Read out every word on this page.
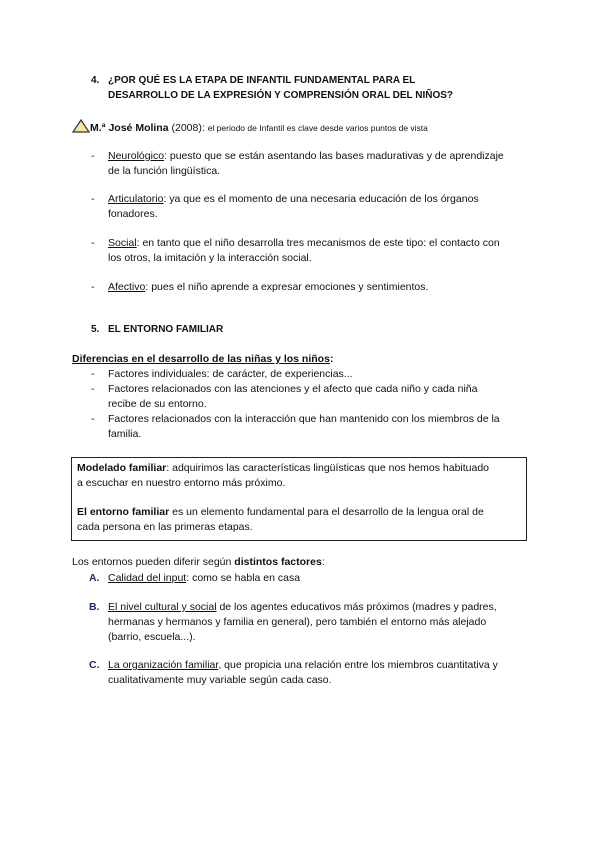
4. ¿POR QUÉ ES LA ETAPA DE INFANTIL FUNDAMENTAL PARA EL
DESARROLLO DE LA EXPRESIÓN Y COMPRENSIÓN ORAL DEL NIÑOS?
M.ª José Molina (2008): el periodo de Infantil es clave desde varios puntos de vista
- Neurológico: puesto que se están asentando las bases madurativas y de aprendizaje
de la función lingüística.
- Articulatorio: ya que es el momento de una necesaria educación de los órganos
fonadores.
- Social: en tanto que el niño desarrolla tres mecanismos de este tipo: el contacto con
los otros, la imitación y la interacción social.
- Afectivo: pues el niño aprende a expresar emociones y sentimientos.
5. EL ENTORNO FAMILIAR
Diferencias en el desarrollo de las niñas y los niños:
- Factores individuales: de carácter, de experiencias...
- Factores relacionados con las atenciones y el afecto que cada niño y cada niña
recibe de su entorno.
- Factores relacionados con la interacción que han mantenido con los miembros de la
familia.
Modelado familiar: adquirimos las características lingüísticas que nos hemos habituado
a escuchar en nuestro entorno más próximo.
El entorno familiar es un elemento fundamental para el desarrollo de la lengua oral de
cada persona en las primeras etapas.
Los entornos pueden diferir según distintos factores:
A. Calidad del input: como se habla en casa
B. El nivel cultural y social de los agentes educativos más próximos (madres y padres,
hermanas y hermanos y familia en general), pero también el entorno más alejado
(barrio, escuela...).
C. La organización familiar, que propicia una relación entre los miembros cuantitativa y
cualitativamente muy variable según cada caso.
